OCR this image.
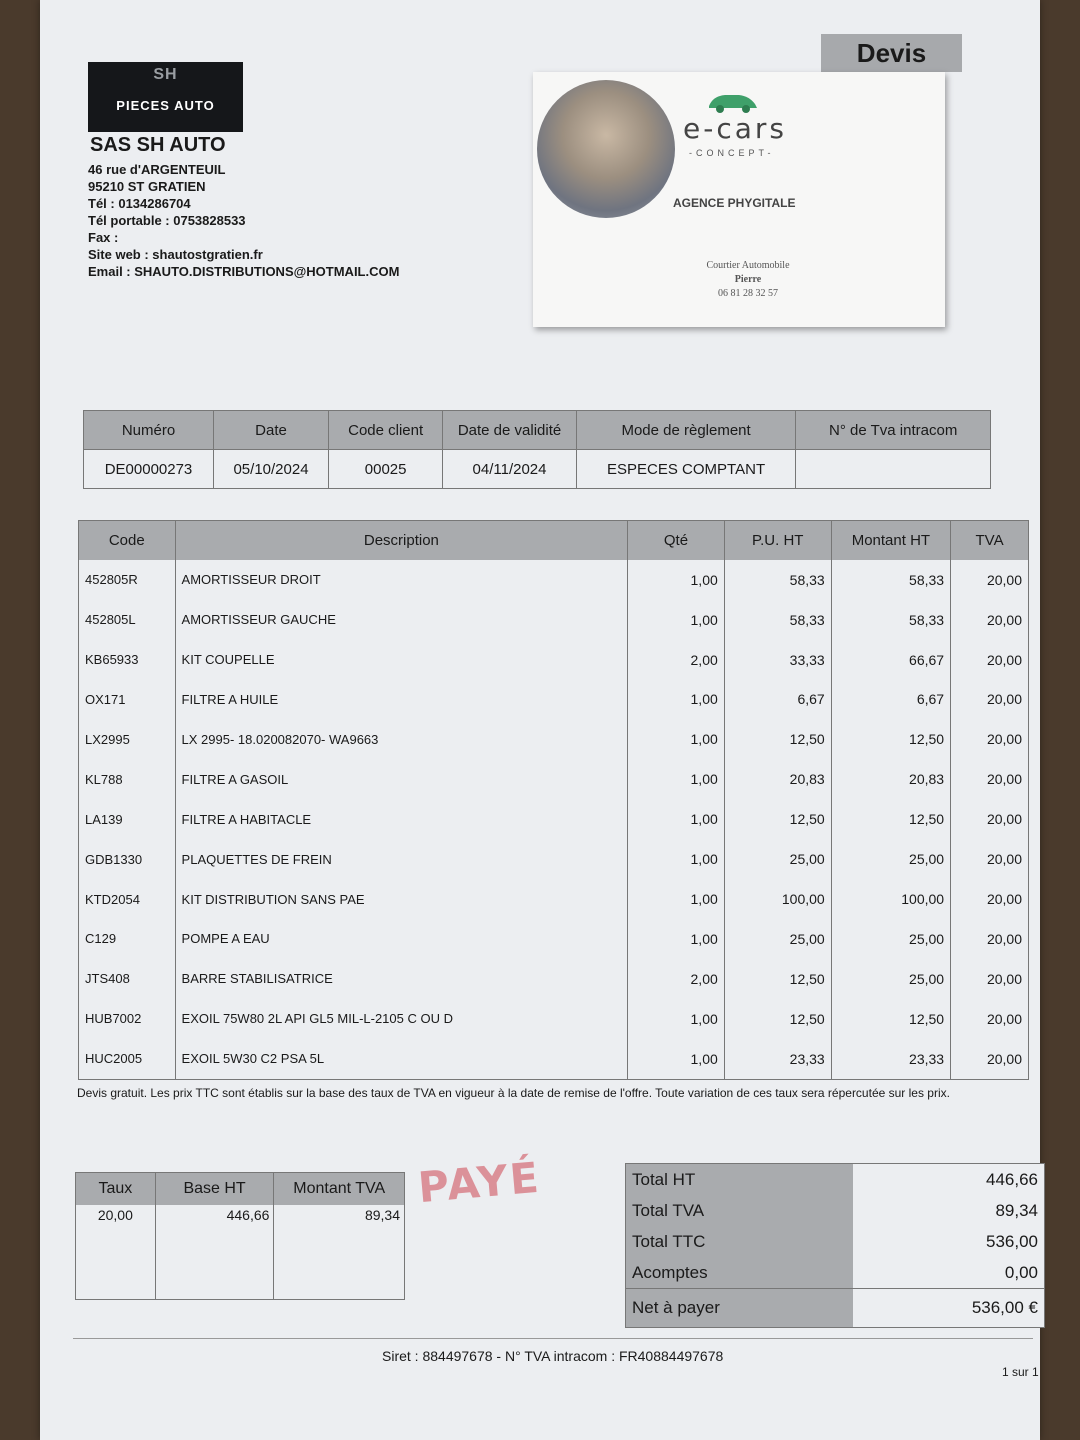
SH
PIECES AUTO
SAS SH AUTO
46 rue d'ARGENTEUIL
95210 ST GRATIEN
Tél : 0134286704
Tél portable : 0753828533
Fax :
Site web : shautostgratien.fr
Email : SHAUTO.DISTRIBUTIONS@HOTMAIL.COM
Devis
e-cars
-CONCEPT-
AGENCE PHYGITALE
Courtier Automobile
Pierre
06 81 28 32 57
Numéro	Date	Code client	Date de validité	Mode de règlement	N° de Tva intracom
DE00000273	05/10/2024	00025	04/11/2024	ESPECES COMPTANT	
Code	Description	Qté	P.U. HT	Montant HT	TVA
452805R	AMORTISSEUR DROIT	1,00	58,33	58,33	20,00
452805L	AMORTISSEUR GAUCHE	1,00	58,33	58,33	20,00
KB65933	KIT COUPELLE	2,00	33,33	66,67	20,00
OX171	FILTRE A HUILE	1,00	6,67	6,67	20,00
LX2995	LX 2995- 18.020082070- WA9663	1,00	12,50	12,50	20,00
KL788	FILTRE A GASOIL	1,00	20,83	20,83	20,00
LA139	FILTRE A HABITACLE	1,00	12,50	12,50	20,00
GDB1330	PLAQUETTES DE FREIN	1,00	25,00	25,00	20,00
KTD2054	KIT DISTRIBUTION SANS PAE	1,00	100,00	100,00	20,00
C129	POMPE A EAU	1,00	25,00	25,00	20,00
JTS408	BARRE STABILISATRICE	2,00	12,50	25,00	20,00
HUB7002	EXOIL 75W80 2L API GL5 MIL-L-2105 C OU D	1,00	12,50	12,50	20,00
HUC2005	EXOIL 5W30 C2 PSA 5L	1,00	23,33	23,33	20,00

Devis gratuit. Les prix TTC sont établis sur la base des taux de TVA en vigueur à la date de remise de l'offre. Toute variation de ces taux sera répercutée sur les prix.
Taux	Base HT	Montant TVA
20,00	446,66	89,34
PAYÉ	Total HT	446,66
Total TVA	89,34
Total TTC	536,00
Acomptes	0,00
Net à payer	536,00 €
Siret : 884497678 - N° TVA intracom : FR40884497678
1 sur 1
